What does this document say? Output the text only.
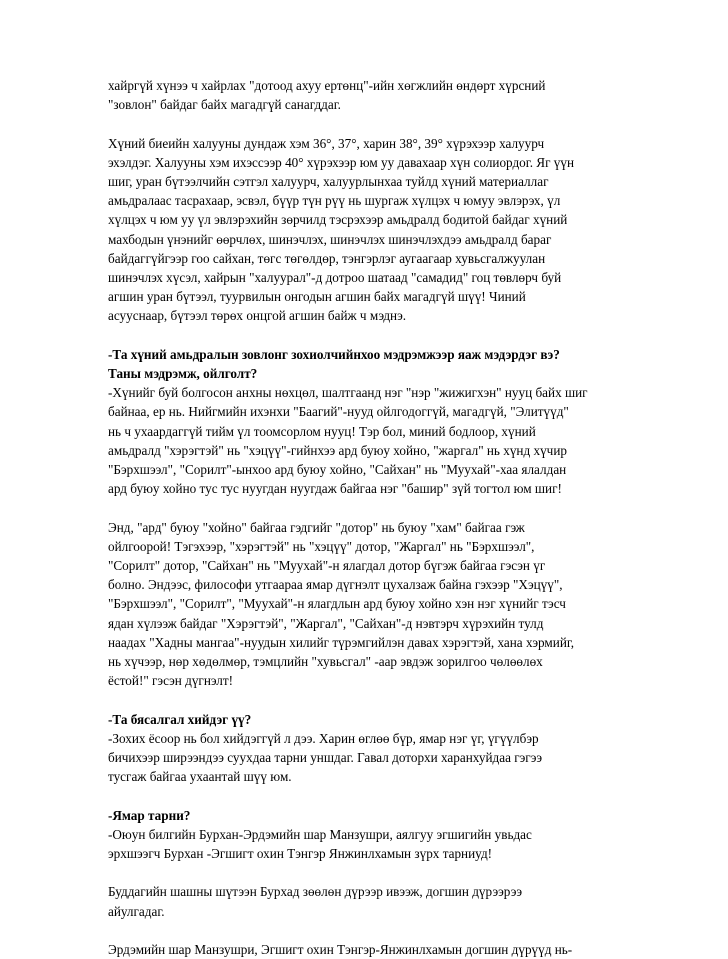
хайргүй хүнээ ч хайрлах "дотоод ахуу ертөнц"-ийн хөгжлийн өндөрт хүрсний
"зовлон" байдаг байх магадгүй санагддаг.
Хүний биеийн халууны дундаж хэм 36°, 37°, харин 38°, 39° хүрэхээр халуурч
эхэлдэг. Халууны хэм ихэссээр 40° хүрэхээр юм уу давахаар хүн солиордог. Яг үүн
шиг, уран бүтээлчийн сэтгэл халуурч, халуурлынхаа туйлд хүний материаллаг
амьдралаас тасрахаар, эсвэл, бүүр түн рүү нь шургаж хүлцэх ч юмуу эвлэрэх, үл
хүлцэх ч юм уу үл эвлэрэхийн зөрчилд тэсрэхээр амьдралд бодитой байдаг хүний
махбодын үнэнийг өөрчлөх, шинэчлэх, шинэчлэх шинэчлэхдээ амьдралд бараг
байдаггүйгээр гоо сайхан, төгс төгөлдөр, тэнгэрлэг аугаагаар хувьсгалжуулан
шинэчлэх хүсэл, хайрын "халуурал"-д дотроо шатаад "самадид" гоц төвлөрч буй
агшин уран бүтээл, туурвилын онгодын агшин байх магадгүй шүү! Чиний
асууснаар, бүтээл төрөх онцгой агшин байж ч мэднэ.
-Та хүний амьдралын зовлонг зохиолчийнхоо мэдрэмжээр яаж мэдэрдэг вэ?
Таны мэдрэмж, ойлголт?
-Хүнийг буй болгосон анхны нөхцөл, шалтгаанд нэг "нэр "жижигхэн" нууц байх шиг
байнаа, ер нь. Нийгмийн ихэнхи "Баагий"-нууд ойлгодоггүй, магадгүй, "Элитүүд"
нь ч ухаардаггүй тийм үл тоомсорлом нууц! Тэр бол, миний бодлоор, хүний
амьдралд "хэрэгтэй" нь "хэцүү"-гийнхээ ард буюу хойно, "жаргал" нь хүнд хүчир
"Бэрхшээл", "Сорилт"-ынхоо ард буюу хойно, "Сайхан" нь "Муухай"-хаа ялалдан
ард буюу хойно тус тус нуугдан нуугдаж байгаа нэг "башир" зүй тогтол юм шиг!
Энд, "ард" буюу "хойно" байгаа гэдгийг "дотор" нь буюу "хам" байгаа гэж
ойлгоорой! Тэгэхээр, "хэрэгтэй" нь "хэцүү" дотор, "Жаргал" нь "Бэрхшээл",
"Сорилт" дотор, "Сайхан" нь "Муухай"-н ялагдал дотор бүгэж байгаа гэсэн үг
болно. Эндээс, философи утгаараа ямар дүгнэлт цухалзаж байна гэхээр "Хэцүү",
"Бэрхшээл", "Сорилт", "Муухай"-н ялагдлын ард буюу хойно хэн нэг хүнийг тэсч
ядан хүлээж байдаг "Хэрэгтэй", "Жаргал", "Сайхан"-д нэвтэрч хүрэхийн тулд
наадах "Хадны мангаа"-нуудын хилийг түрэмгийлэн давах хэрэгтэй, хана хэрмийг,
нь хүчээр, нөр хөдөлмөр, тэмцлийн "хувьсгал" -аар эвдэж зорилгоо чөлөөлөх
ёстой!" гэсэн дүгнэлт!
-Та бясалгал хийдэг үү?
-Зохих ёсоор нь бол хийдэггүй л дээ. Харин өглөө бүр, ямар нэг үг, үгүүлбэр
бичихээр ширээндээ суухдаа тарни уншдаг. Гавал доторхи харанхуйдаа гэгээ
тусгаж байгаа ухаантай шүү юм.
-Ямар тарни?
-Оюун билгийн Бурхан-Эрдэмийн шар Манзушри, аялгуу эгшигийн увьдас
эрхшээгч Бурхан -Эгшигт охин Тэнгэр Янжинлхамын зүрх тарниуд!
Буддагийн шашны шүтээн Бурхад зөөлөн дүрээр ивээж, догшин дүрээрээ
айулгадаг.
Эрдэмийн шар Манзушри, Эгшигт охин Тэнгэр-Янжинлхамын догшин дүрүүд нь-
